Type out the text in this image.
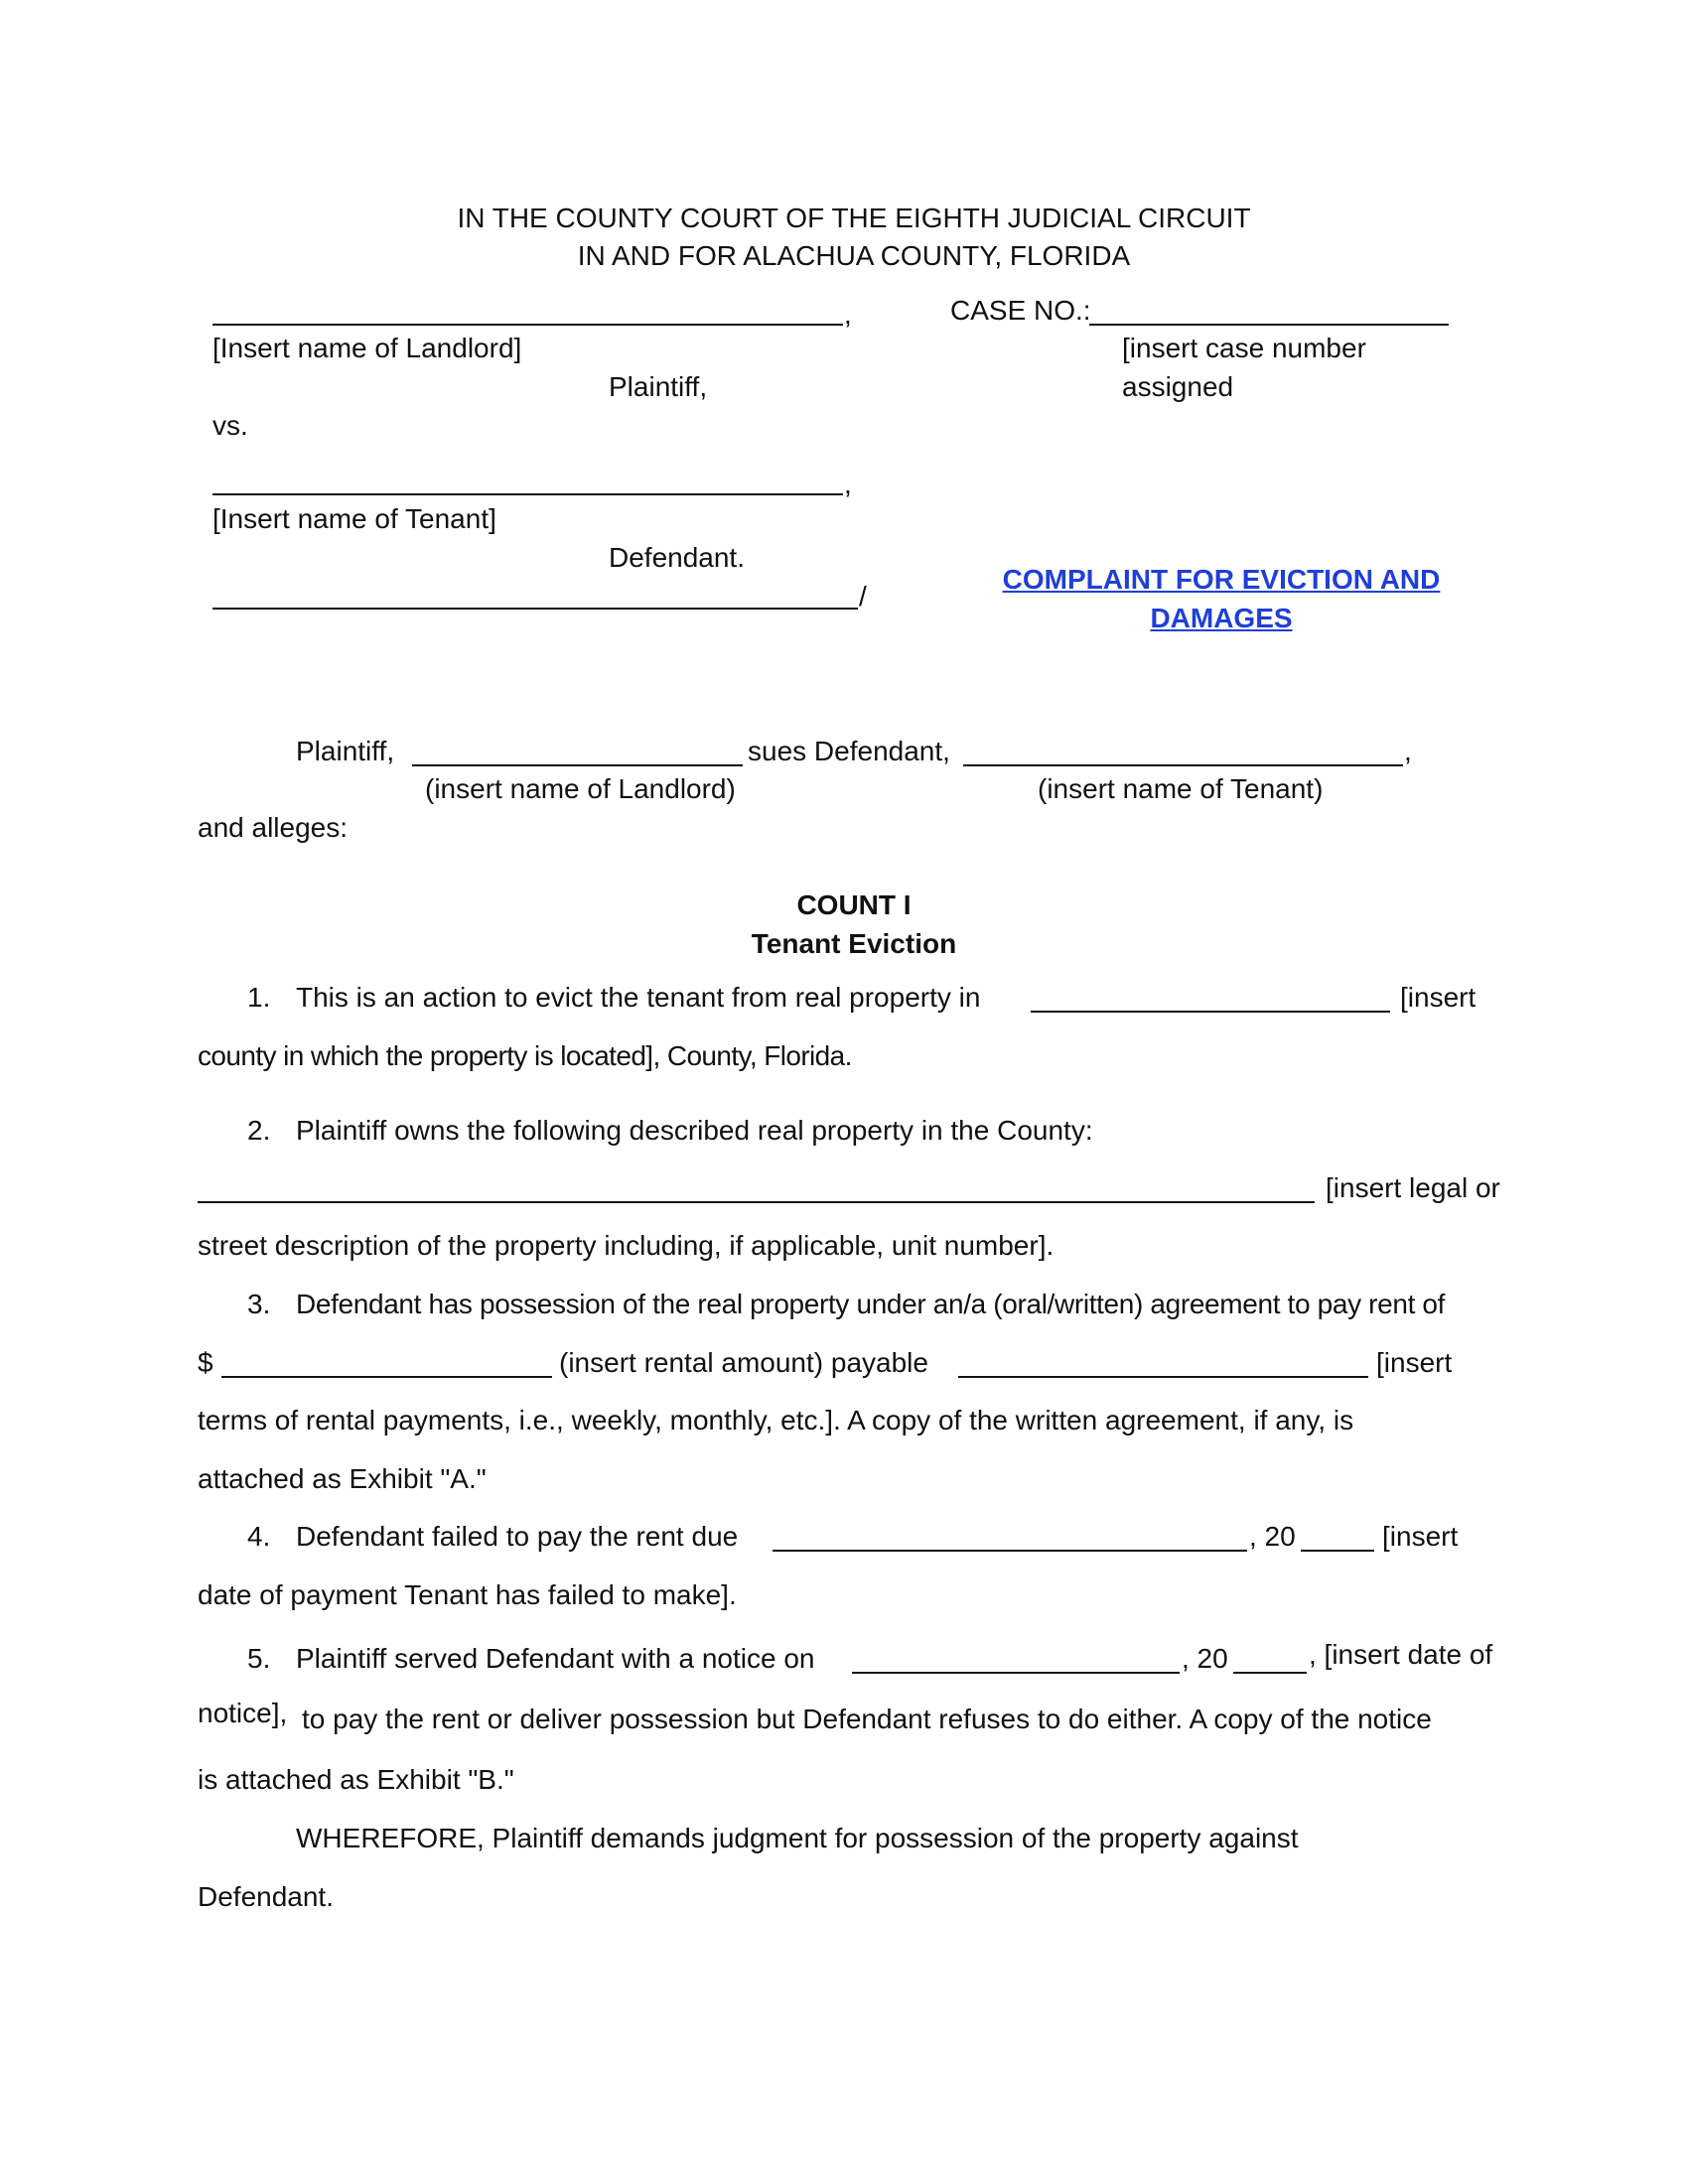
IN THE COUNTY COURT OF THE EIGHTH JUDICIAL CIRCUIT
IN AND FOR ALACHUA COUNTY, FLORIDA
,
[Insert name of Landlord]
Plaintiff,
vs.
,
[Insert name of Tenant]
Defendant.
/
CASE NO.:
[insert case number
assigned
COMPLAINT FOR EVICTION AND
DAMAGES
Plaintiff,	sues Defendant,	,
(insert name of Landlord)	(insert name of Tenant)
and alleges:
COUNT I
Tenant Eviction
1. This is an action to evict the tenant from real property in	[insert
county in which the property is located], County, Florida.
2. Plaintiff owns the following described real property in the County:
[insert legal or
street description of the property including, if applicable, unit number].
3. Defendant has possession of the real property under an/a (oral/written) agreement to pay rent of
$	(insert rental amount) payable	[insert
terms of rental payments, i.e., weekly, monthly, etc.]. A copy of the written agreement, if any, is
attached as Exhibit "A."
4. Defendant failed to pay the rent due	, 20	[insert
date of payment Tenant has failed to make].
5. Plaintiff served Defendant with a notice on	, 20	, [insert date of
notice], to pay the rent or deliver possession but Defendant refuses to do either. A copy of the notice
is attached as Exhibit "B."
WHEREFORE, Plaintiff demands judgment for possession of the property against
Defendant.
